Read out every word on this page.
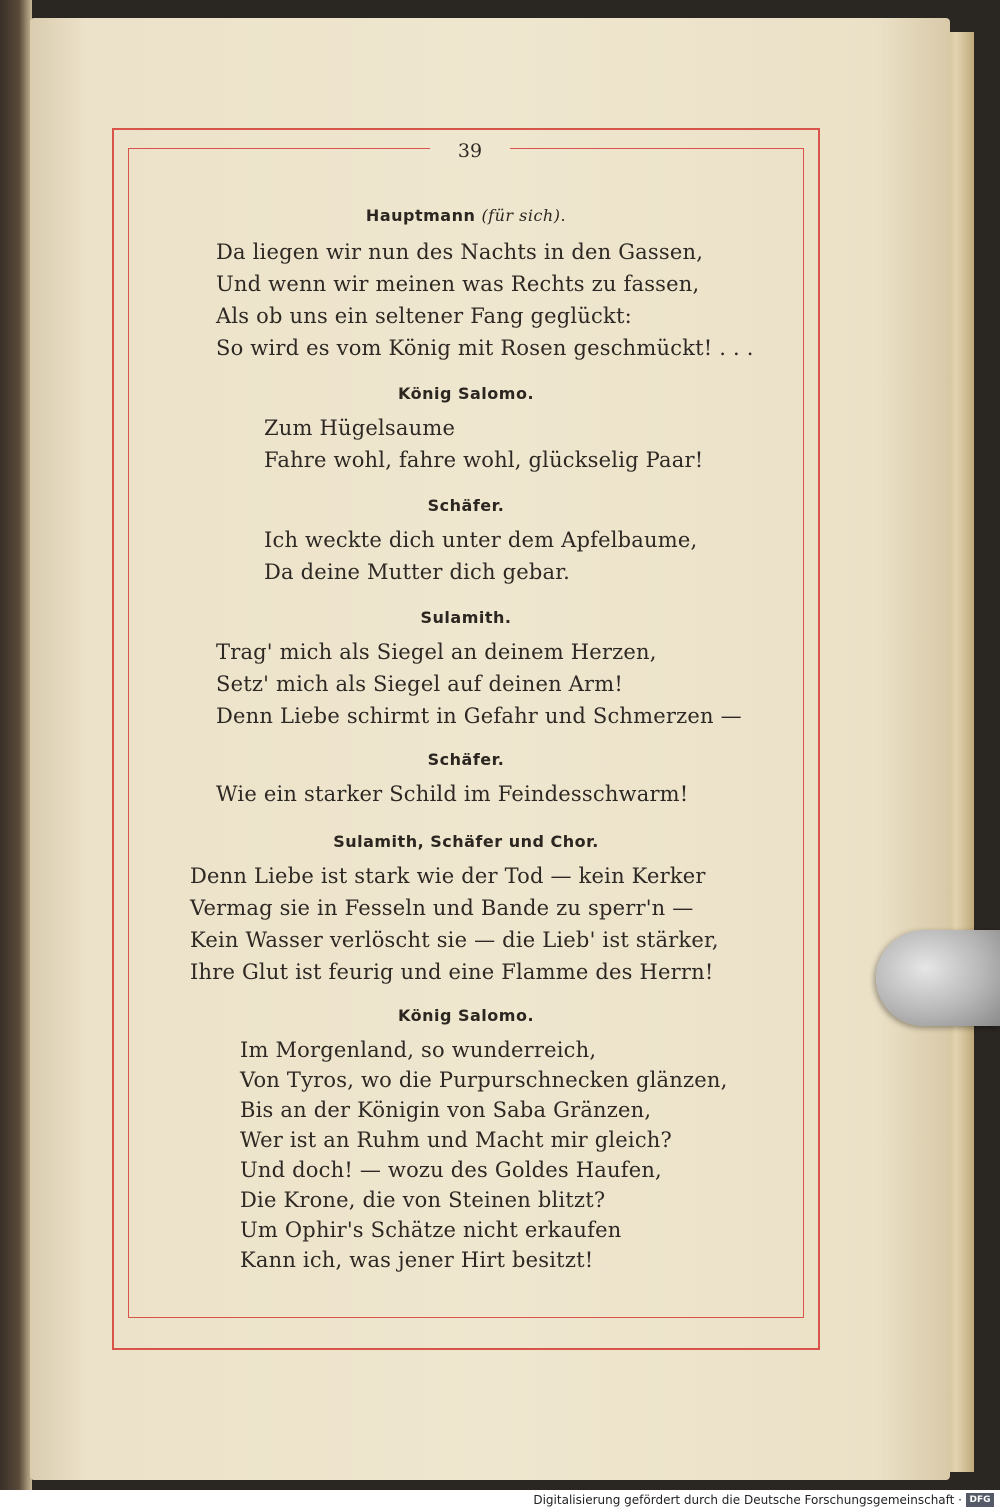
39
Hauptmann (für sich).
Da liegen wir nun des Nachts in den Gassen,
Und wenn wir meinen was Rechts zu fassen,
Als ob uns ein seltener Fang geglückt:
So wird es vom König mit Rosen geschmückt! . . .
König Salomo.
Zum Hügelsaume
Fahre wohl, fahre wohl, glückselig Paar!
Schäfer.
Ich weckte dich unter dem Apfelbaume,
Da deine Mutter dich gebar.
Sulamith.
Trag' mich als Siegel an deinem Herzen,
Setz' mich als Siegel auf deinen Arm!
Denn Liebe schirmt in Gefahr und Schmerzen —
Schäfer.
Wie ein starker Schild im Feindesschwarm!
Sulamith, Schäfer und Chor.
Denn Liebe ist stark wie der Tod — kein Kerker
Vermag sie in Fesseln und Bande zu sperr'n —
Kein Wasser verlöscht sie — die Lieb' ist stärker,
Ihre Glut ist feurig und eine Flamme des Herrn!
König Salomo.
Im Morgenland, so wunderreich,
Von Tyros, wo die Purpurschnecken glänzen,
Bis an der Königin von Saba Gränzen,
Wer ist an Ruhm und Macht mir gleich?
Und doch! — wozu des Goldes Haufen,
Die Krone, die von Steinen blitzt?
Um Ophir's Schätze nicht erkaufen
Kann ich, was jener Hirt besitzt!
Digitalisierung gefördert durch die Deutsche Forschungsgemeinschaft · DFG
